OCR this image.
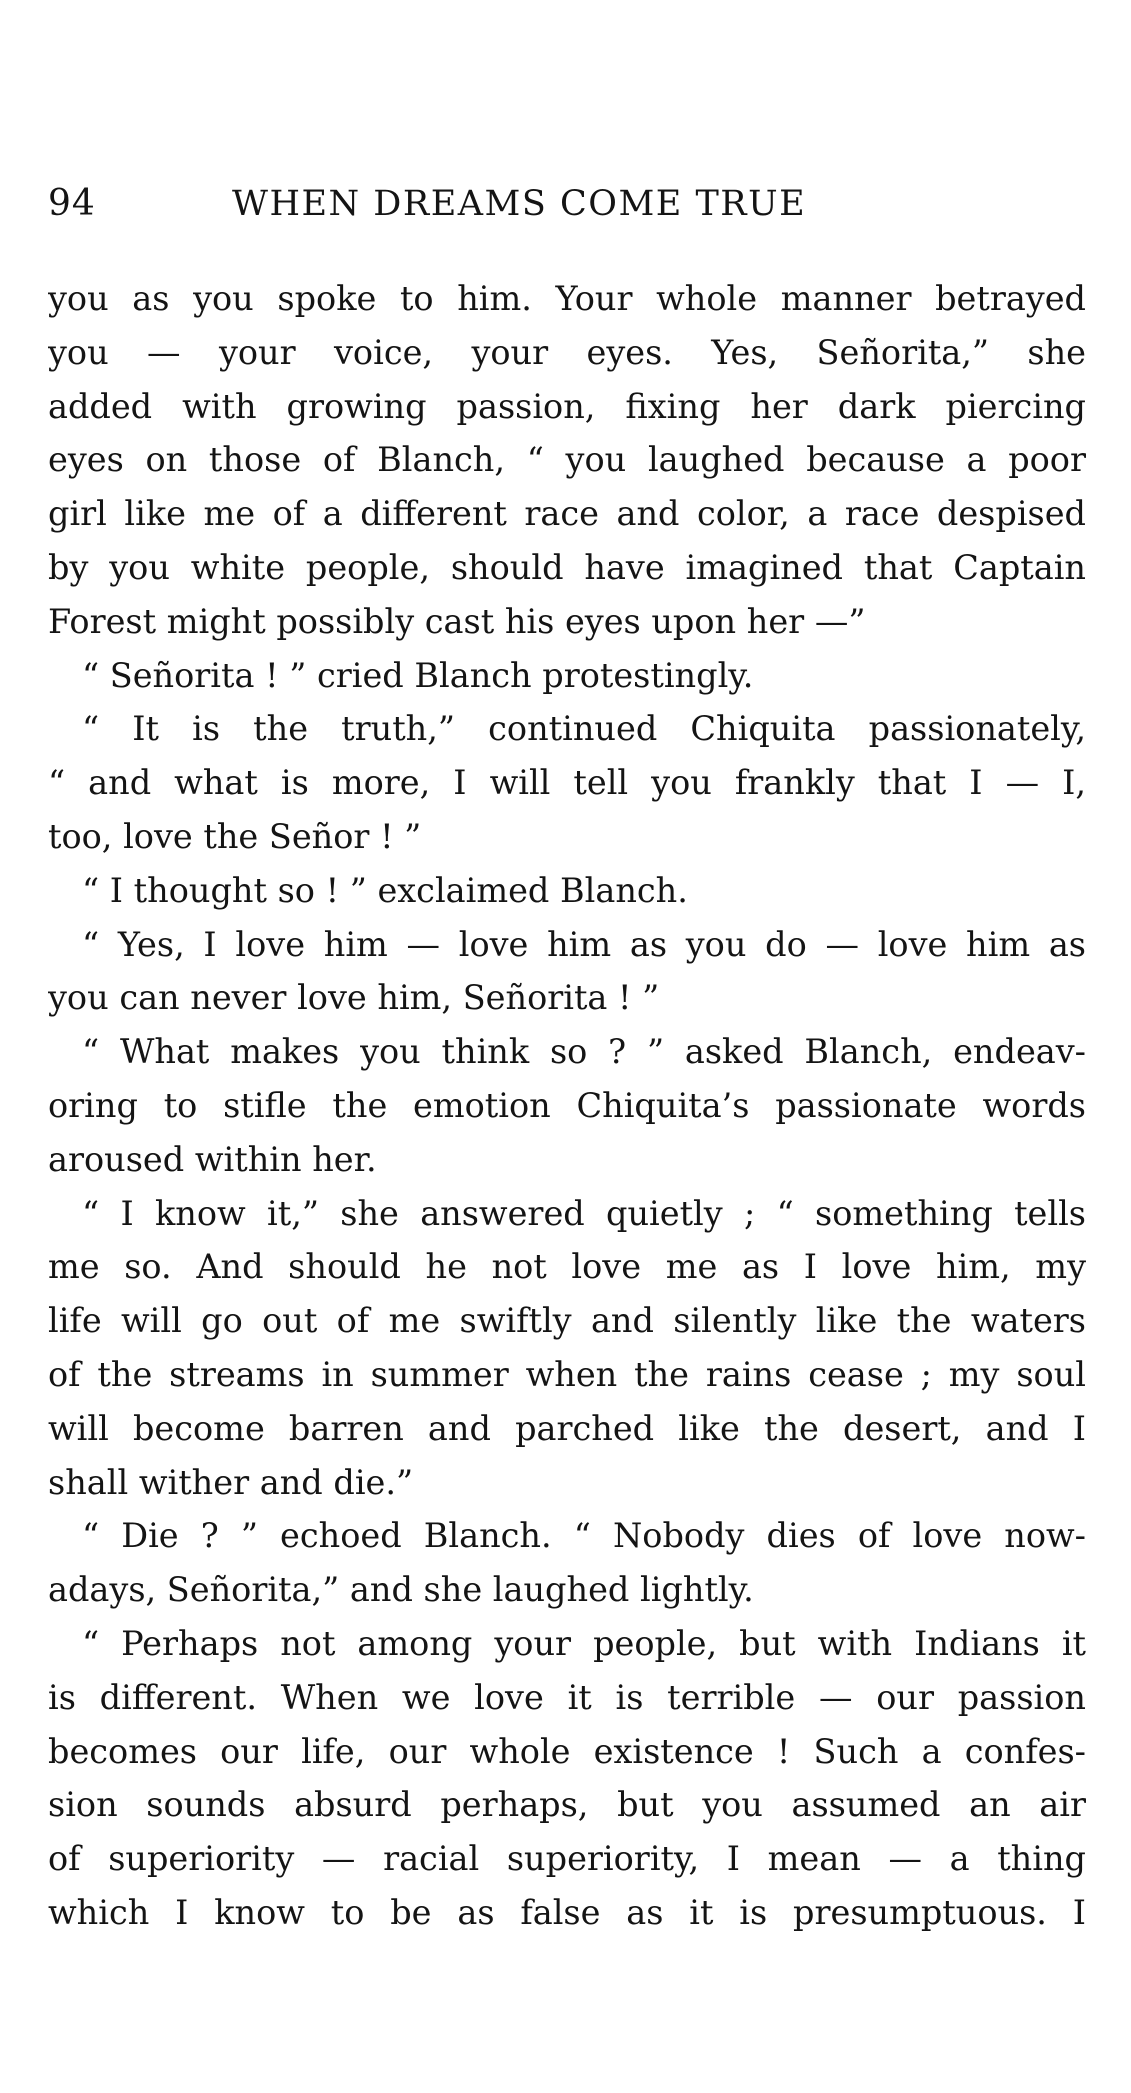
94	WHEN DREAMS COME TRUE
you as you spoke to him. Your whole manner betrayed
you — your voice, your eyes. Yes, Señorita,” she
added with growing passion, fixing her dark piercing
eyes on those of Blanch, “ you laughed because a poor
girl like me of a different race and color, a race despised
by you white people, should have imagined that Captain
Forest might possibly cast his eyes upon her —”
“ Señorita ! ” cried Blanch protestingly.
“ It is the truth,” continued Chiquita passionately,
“ and what is more, I will tell you frankly that I — I,
too, love the Señor ! ”
“ I thought so ! ” exclaimed Blanch.
“ Yes, I love him — love him as you do — love him as
you can never love him, Señorita ! ”
“ What makes you think so ? ” asked Blanch, endeav-
oring to stifle the emotion Chiquita’s passionate words
aroused within her.
“ I know it,” she answered quietly ; “ something tells
me so. And should he not love me as I love him, my
life will go out of me swiftly and silently like the waters
of the streams in summer when the rains cease ; my soul
will become barren and parched like the desert, and I
shall wither and die.”
“ Die ? ” echoed Blanch. “ Nobody dies of love now-
adays, Señorita,” and she laughed lightly.
“ Perhaps not among your people, but with Indians it
is different. When we love it is terrible — our passion
becomes our life, our whole existence ! Such a confes-
sion sounds absurd perhaps, but you assumed an air
of superiority — racial superiority, I mean — a thing
which I know to be as false as it is presumptuous. I
